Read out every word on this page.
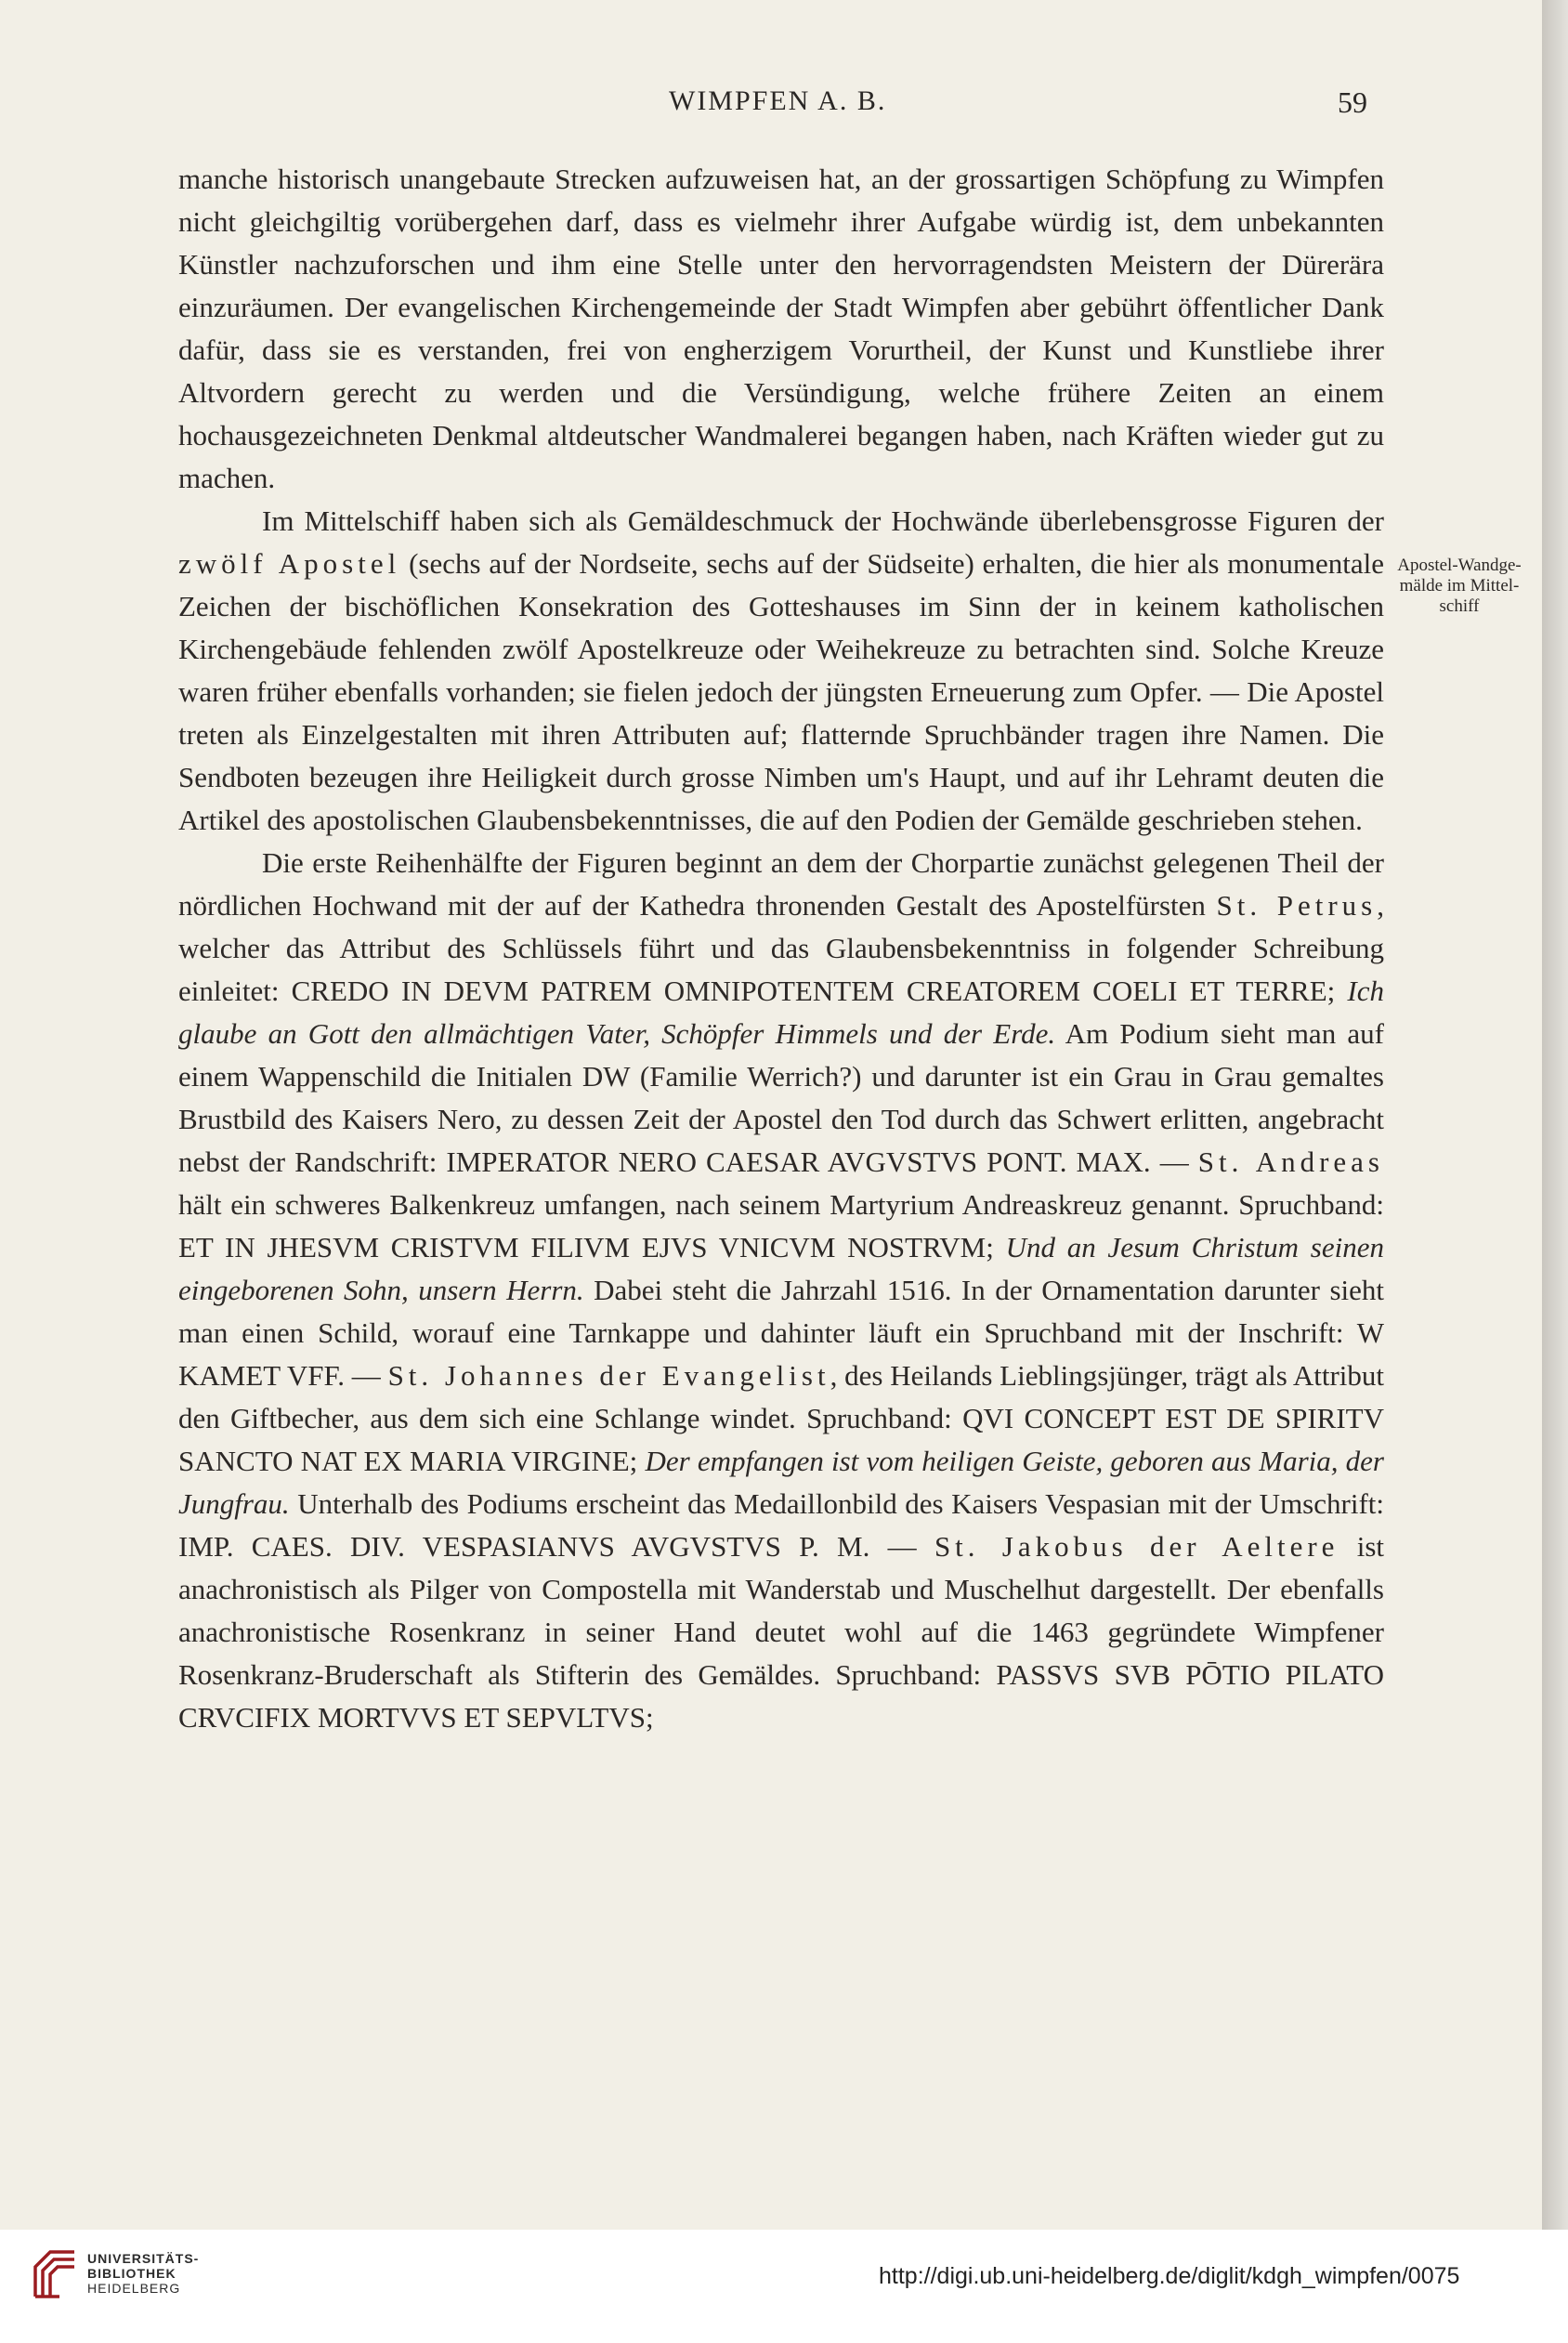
WIMPFEN A. B.	59

manche historisch unangebaute Strecken aufzuweisen hat, an der grossartigen Schöpfung zu Wimpfen nicht gleichgiltig vorübergehen darf, dass es vielmehr ihrer Aufgabe würdig ist, dem unbekannten Künstler nachzuforschen und ihm eine Stelle unter den hervorragendsten Meistern der Dürerära einzuräumen. Der evangelischen Kirchengemeinde der Stadt Wimpfen aber gebührt öffentlicher Dank dafür, dass sie es verstanden, frei von engherzigem Vorurtheil, der Kunst und Kunstliebe ihrer Altvordern gerecht zu werden und die Versündigung, welche frühere Zeiten an einem hochausgezeichneten Denkmal altdeutscher Wandmalerei begangen haben, nach Kräften wieder gut zu machen.

Im Mittelschiff haben sich als Gemäldeschmuck der Hochwände überlebensgrosse Figuren der zwölf Apostel (sechs auf der Nordseite, sechs auf der Südseite) erhalten, die hier als monumentale Zeichen der bischöflichen Konsekration des Gotteshauses im Sinn der in keinem katholischen Kirchengebäude fehlenden zwölf Apostelkreuze oder Weihekreuze zu betrachten sind. Solche Kreuze waren früher ebenfalls vorhanden; sie fielen jedoch der jüngsten Erneuerung zum Opfer. — Die Apostel treten als Einzelgestalten mit ihren Attributen auf; flatternde Spruchbänder tragen ihre Namen. Die Sendboten bezeugen ihre Heiligkeit durch grosse Nimben um's Haupt, und auf ihr Lehramt deuten die Artikel des apostolischen Glaubensbekenntnisses, die auf den Podien der Gemälde geschrieben stehen.

Die erste Reihenhälfte der Figuren beginnt an dem der Chorpartie zunächst gelegenen Theil der nördlichen Hochwand mit der auf der Kathedra thronenden Gestalt des Apostelfürsten St. Petrus, welcher das Attribut des Schlüssels führt und das Glaubensbekenntniss in folgender Schreibung einleitet: CREDO IN DEVM PATREM OMNIPOTENTEM CREATOREM COELI ET TERRE; Ich glaube an Gott den allmächtigen Vater, Schöpfer Himmels und der Erde. Am Podium sieht man auf einem Wappenschild die Initialen DW (Familie Werrich?) und darunter ist ein Grau in Grau gemaltes Brustbild des Kaisers Nero, zu dessen Zeit der Apostel den Tod durch das Schwert erlitten, angebracht nebst der Randschrift: IMPERATOR NERO CAESAR AVGVSTVS PONT. MAX. — St. Andreas hält ein schweres Balkenkreuz umfangen, nach seinem Martyrium Andreaskreuz genannt. Spruchband: ET IN JHESVM CRISTVM FILIVM EJVS VNICVM NOSTRVM; Und an Jesum Christum seinen eingeborenen Sohn, unsern Herrn. Dabei steht die Jahrzahl 1516. In der Ornamentation darunter sieht man einen Schild, worauf eine Tarnkappe und dahinter läuft ein Spruchband mit der Inschrift: W KAMET VFF. — St. Johannes der Evangelist, des Heilands Lieblingsjünger, trägt als Attribut den Giftbecher, aus dem sich eine Schlange windet. Spruchband: QVI CONCEPT EST DE SPIRITV SANCTO NAT EX MARIA VIRGINE; Der empfangen ist vom heiligen Geiste, geboren aus Maria, der Jungfrau. Unterhalb des Podiums erscheint das Medaillonbild des Kaisers Vespasian mit der Umschrift: IMP. CAES. DIV. VESPASIANVS AVGVSTVS P. M. — St. Jakobus der Aeltere ist anachronistisch als Pilger von Compostella mit Wanderstab und Muschelhut dargestellt. Der ebenfalls anachronistische Rosenkranz in seiner Hand deutet wohl auf die 1463 gegründete Wimpfener Rosenkranz-Bruderschaft als Stifterin des Gemäldes. Spruchband: PASSVS SVB PŌTIO PILATO CRVCIFIX MORTVVS ET SEPVLTVS;

Apostel-Wandge-
mälde im Mittel-
schiff
UNIVERSITÄTS-
BIBLIOTHEK
HEIDELBERG	http://digi.ub.uni-heidelberg.de/diglit/kdgh_wimpfen/0075
